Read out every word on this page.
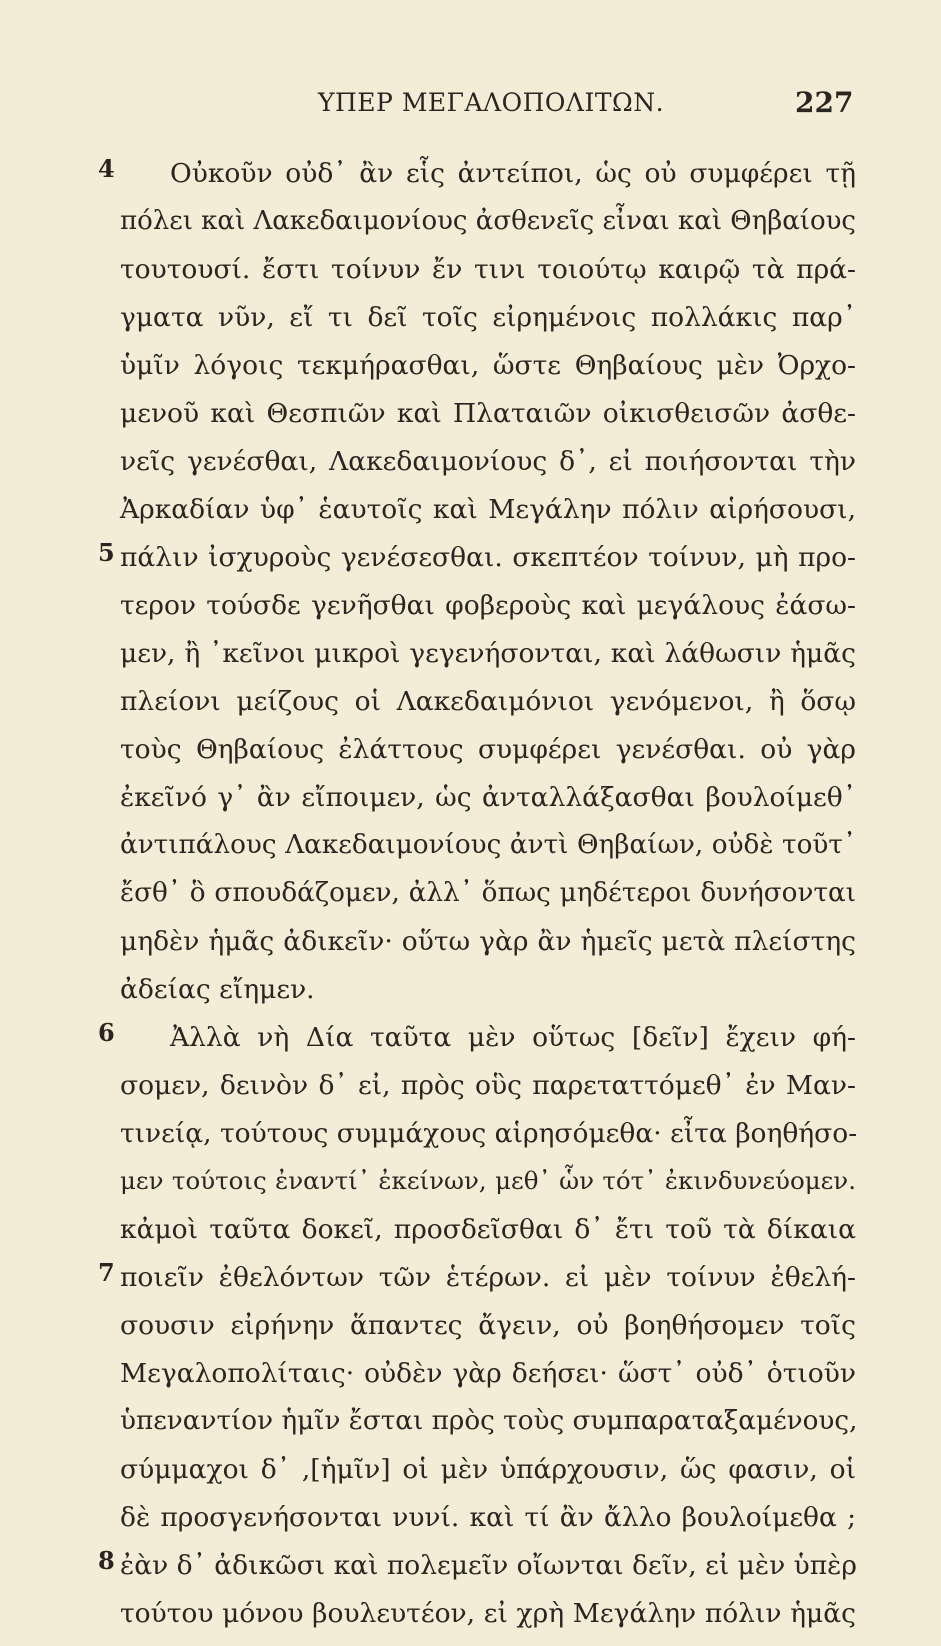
ΥΠΕΡ ΜΕΓΑΛΟΠΟΛΙΤΩΝ.	227
4 Οὐκοῦν οὐδ᾽ ἂν εἷς ἀντείποι, ὡς οὐ συμφέρει τῇ
πόλει καὶ Λακεδαιμονίους ἀσθενεῖς εἶναι καὶ Θηβαίους
τουτουσί. ἔστι τοίνυν ἔν τινι τοιούτῳ καιρῷ τὰ πρά-
γματα νῦν, εἴ τι δεῖ τοῖς εἰρημένοις πολλάκις παρ᾽
ὑμῖν λόγοις τεκμήρασθαι, ὥστε Θηβαίους μὲν Ὀρχο-
μενοῦ καὶ Θεσπιῶν καὶ Πλαταιῶν οἰκισθεισῶν ἀσθε-
νεῖς γενέσθαι, Λακεδαιμονίους δ᾽, εἰ ποιήσονται τὴν
Ἀρκαδίαν ὑφ᾽ ἑαυτοῖς καὶ Μεγάλην πόλιν αἱρήσουσι,
5 πάλιν ἰσχυροὺς γενέσεσθαι. σκεπτέον τοίνυν, μὴ προ-
τερον τούσδε γενῆσθαι φοβεροὺς καὶ μεγάλους ἐάσω-
μεν, ἢ ᾽κεῖνοι μικροὶ γεγενήσονται, καὶ λάθωσιν ἡμᾶς
πλείονι μείζους οἱ Λακεδαιμόνιοι γενόμενοι, ἢ ὅσῳ
τοὺς Θηβαίους ἐλάττους συμφέρει γενέσθαι. οὐ γὰρ
ἐκεῖνό γ᾽ ἂν εἴποιμεν, ὡς ἀνταλλάξασθαι βουλοίμεθ᾽
ἀντιπάλους Λακεδαιμονίους ἀντὶ Θηβαίων, οὐδὲ τοῦτ᾽
ἔσθ᾽ ὃ σπουδάζομεν, ἀλλ᾽ ὅπως μηδέτεροι δυνήσονται
μηδὲν ἡμᾶς ἀδικεῖν· οὕτω γὰρ ἂν ἡμεῖς μετὰ πλείστης
ἀδείας εἴημεν.
6 Ἀλλὰ νὴ Δία ταῦτα μὲν οὕτως [δεῖν] ἔχειν φή-
σομεν, δεινὸν δ᾽ εἰ, πρὸς οὓς παρεταττόμεθ᾽ ἐν Μαν-
τινείᾳ, τούτους συμμάχους αἱρησόμεθα· εἶτα βοηθήσο-
μεν τούτοις ἐναντί᾽ ἐκείνων, μεθ᾽ ὧν τότ᾽ ἐκινδυνεύομεν.
κἀμοὶ ταῦτα δοκεῖ, προσδεῖσθαι δ᾽ ἔτι τοῦ τὰ δίκαια
7 ποιεῖν ἐθελόντων τῶν ἑτέρων. εἰ μὲν τοίνυν ἐθελή-
σουσιν εἰρήνην ἅπαντες ἄγειν, οὐ βοηθήσομεν τοῖς
Μεγαλοπολίταις· οὐδὲν γὰρ δεήσει· ὥστ᾽ οὐδ᾽ ὁτιοῦν
ὑπεναντίον ἡμῖν ἔσται πρὸς τοὺς συμπαραταξαμένους,
σύμμαχοι δ᾽ ,[ἡμῖν] οἱ μὲν ὑπάρχουσιν, ὥς φασιν, οἱ
δὲ προσγενήσονται νυνί. καὶ τί ἂν ἄλλο βουλοίμεθα ;
8 ἐὰν δ᾽ ἀδικῶσι καὶ πολεμεῖν οἴωνται δεῖν, εἰ μὲν ὑπὲρ
τούτου μόνου βουλευτέον, εἰ χρὴ Μεγάλην πόλιν ἡμᾶς
